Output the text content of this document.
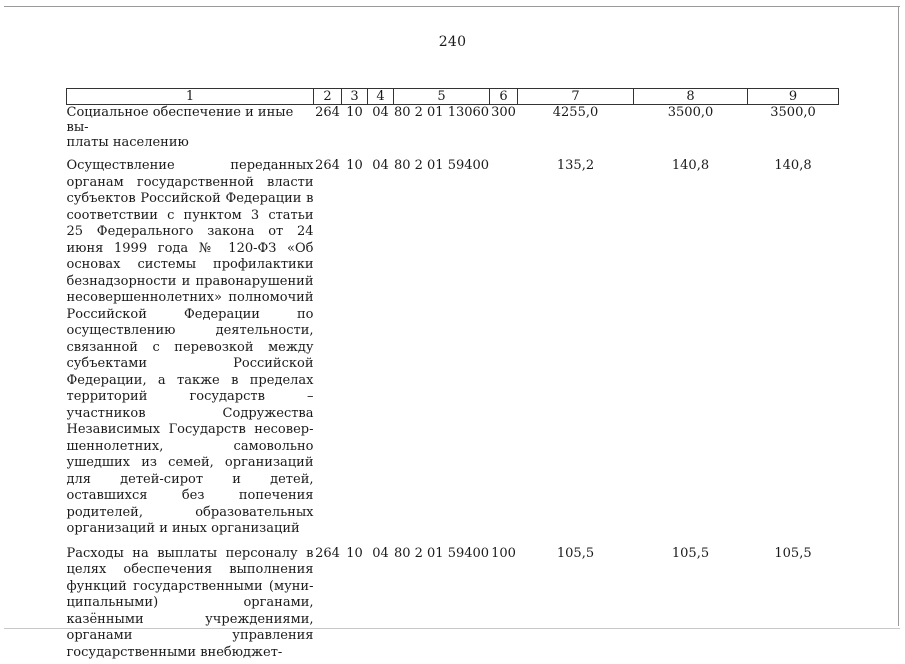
240
1	2	3	4	5	6	7	8	9
Социальное обеспечение и иные вы-
платы населению	264	10	04	80 2 01 13060	300	4255,0	3500,0	3500,0
Осуществление переданных органам государственной власти субъектов Российской Федерации в соответствии с пунктом 3 статьи 25 Федерального закона от 24 июня 1999 года № 120-ФЗ «Об основах системы профилактики безнадзорности и правонарушений несовершеннолетних» полномочий Российской Федерации по осуществлению деятельности, связанной с перевозкой между субъектами Российской Федерации, а также в пределах территорий государств – участников Содружества Независимых Государств несовершеннолетних, самовольно ушедших из семей, организаций для детей-сирот и детей, оставшихся без попечения родителей, образовательных организаций и иных организаций	264	10	04	80 2 01 59400		135,2	140,8	140,8
Расходы на выплаты персоналу в целях обеспечения выполнения функций государственными (муниципальными) органами, казёнными учреждениями, органами управления государственными внебюджет-	264	10	04	80 2 01 59400	100	105,5	105,5	105,5
